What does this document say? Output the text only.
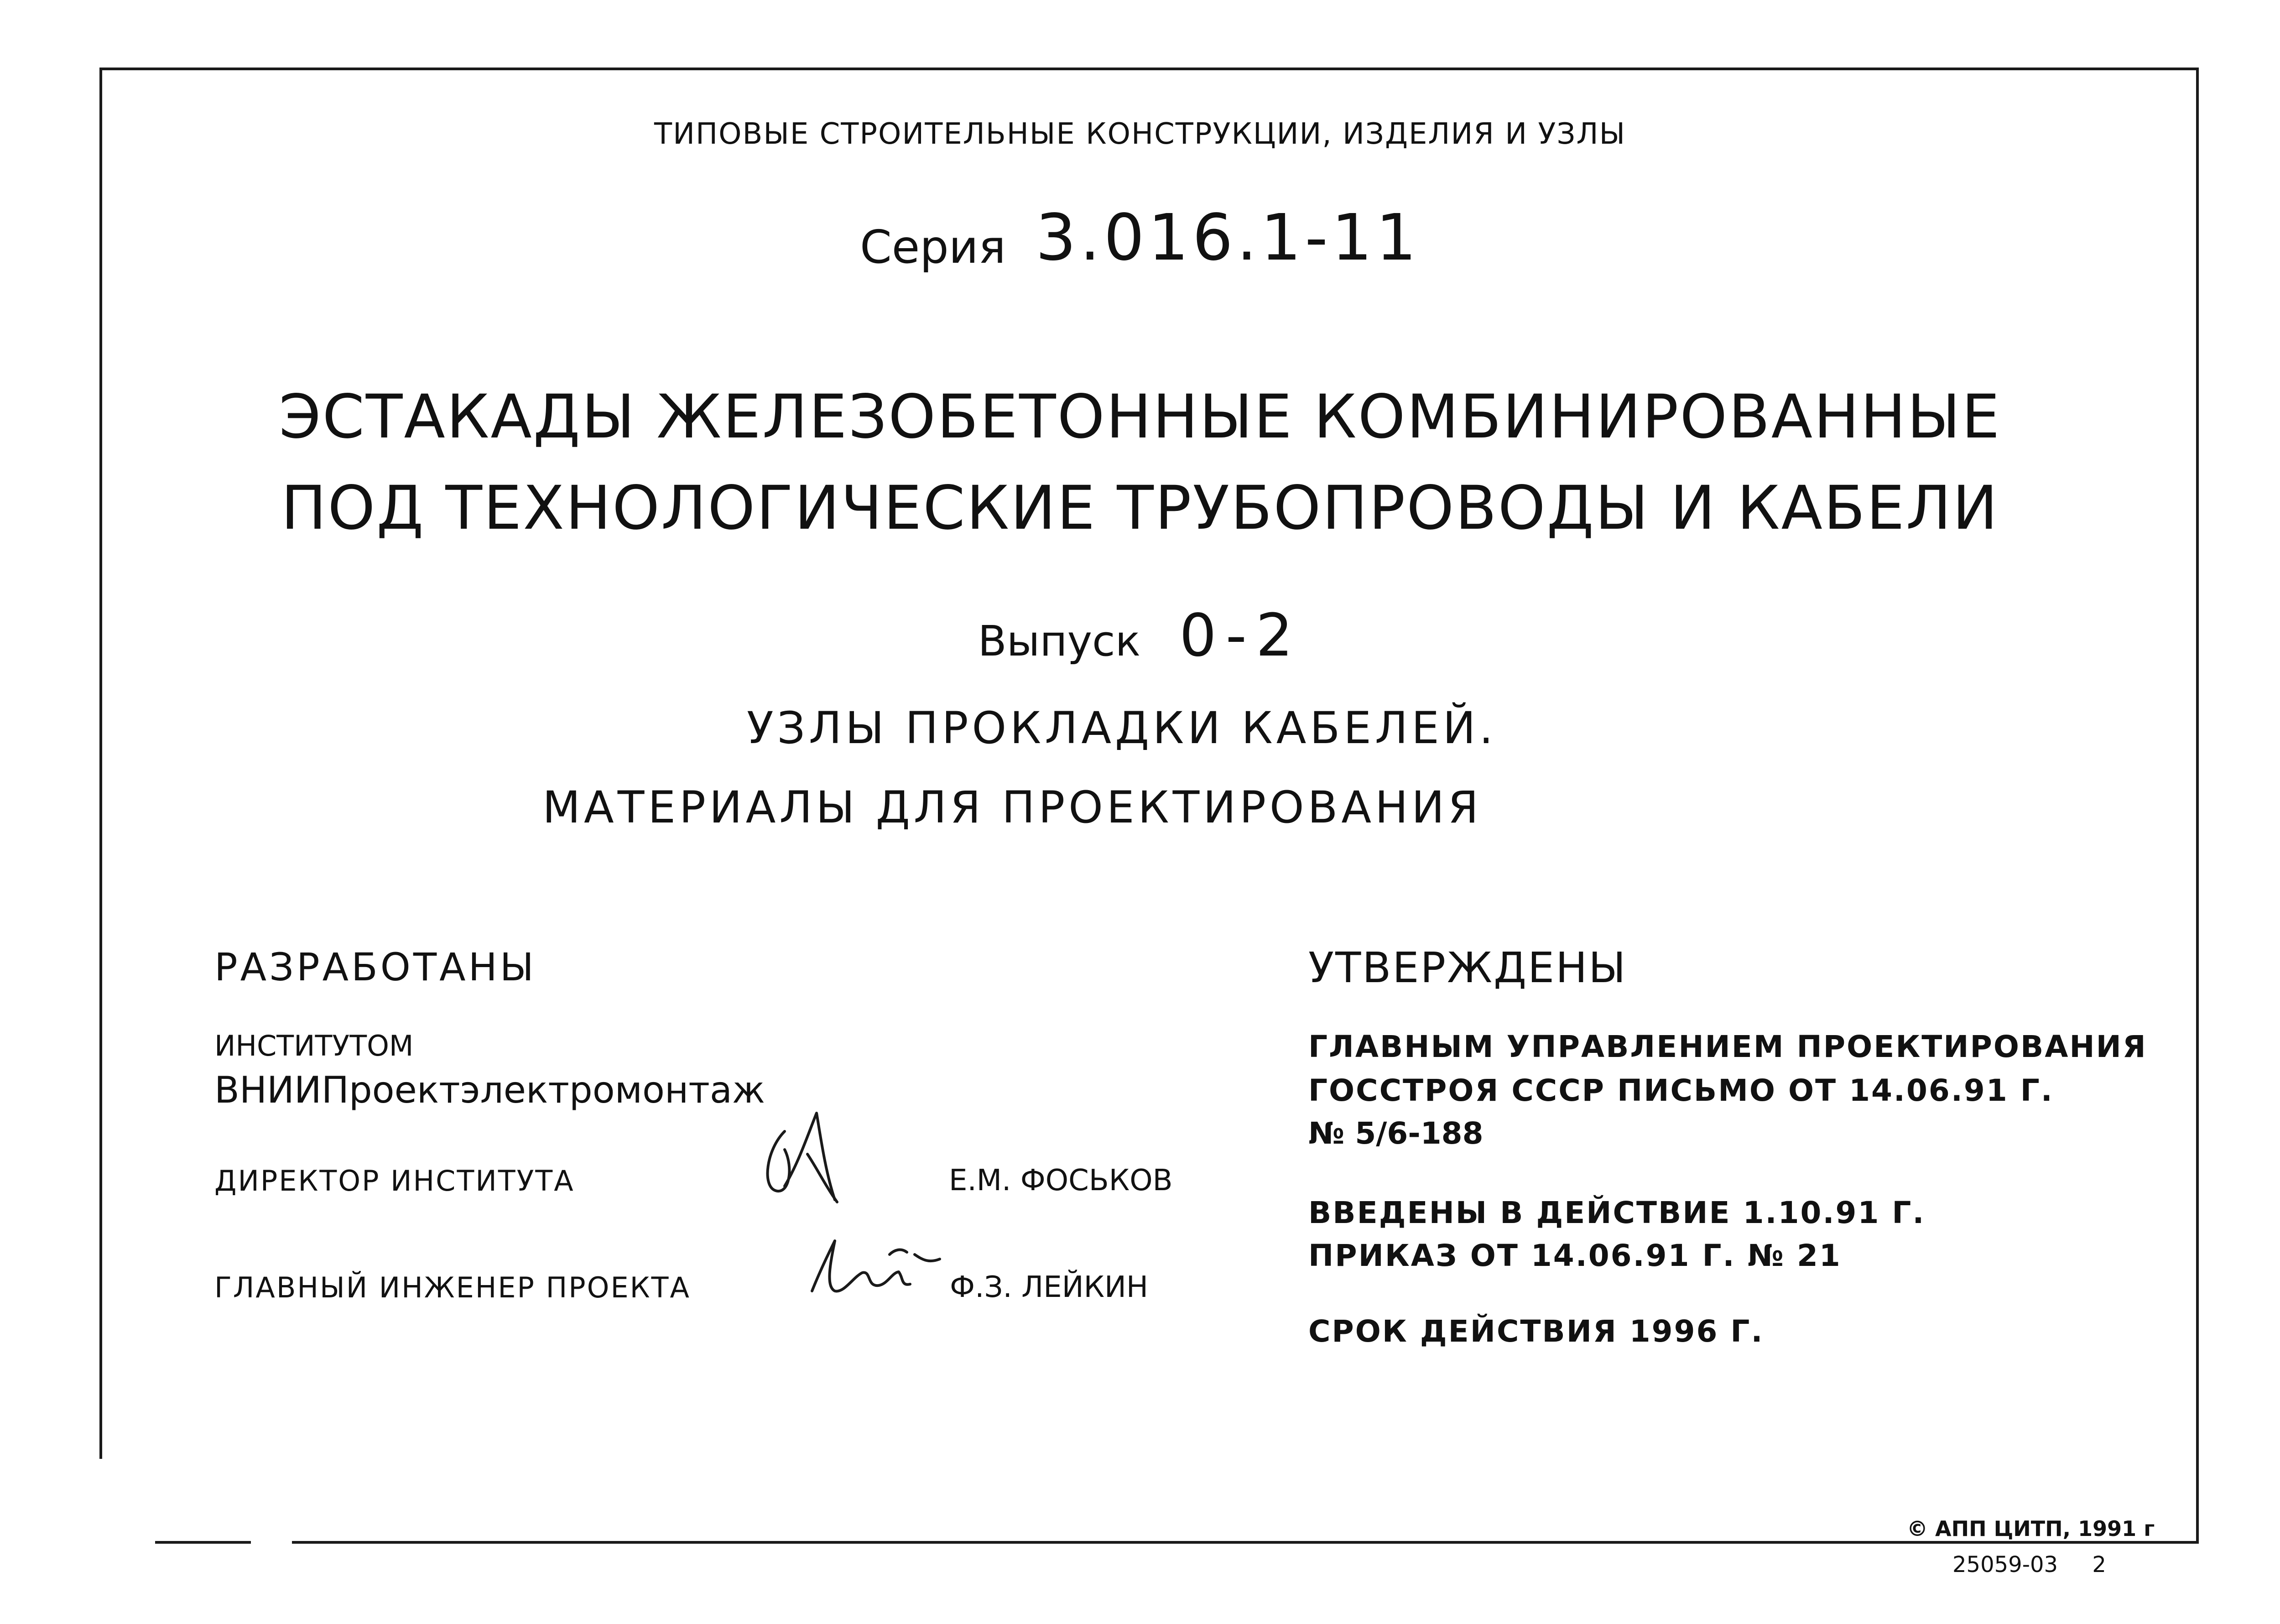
ТИПОВЫЕ СТРОИТЕЛЬНЫЕ КОНСТРУКЦИИ, ИЗДЕЛИЯ И УЗЛЫ
Серия 3.016.1-11
ЭСТАКАДЫ ЖЕЛЕЗОБЕТОННЫЕ КОМБИНИРОВАННЫЕ
ПОД ТЕХНОЛОГИЧЕСКИЕ ТРУБОПРОВОДЫ И КАБЕЛИ
Выпуск 0-2
УЗЛЫ ПРОКЛАДКИ КАБЕЛЕЙ.
МАТЕРИАЛЫ ДЛЯ ПРОЕКТИРОВАНИЯ
РАЗРАБОТАНЫ
ИНСТИТУТОМ
ВНИИПроектэлектромонтаж
ДИРЕКТОР ИНСТИТУТА	Е.М. ФОСЬКОВ
ГЛАВНЫЙ ИНЖЕНЕР ПРОЕКТА	Ф.З. ЛЕЙКИН
УТВЕРЖДЕНЫ
ГЛАВНЫМ УПРАВЛЕНИЕМ ПРОЕКТИРОВАНИЯ
ГОССТРОЯ СССР ПИСЬМО ОТ 14.06.91 Г.
№ 5/6-188
ВВЕДЕНЫ В ДЕЙСТВИЕ 1.10.91 Г.
ПРИКАЗ ОТ 14.06.91 Г. № 21
СРОК ДЕЙСТВИЯ 1996 Г.
© АПП ЦИТП, 1991 г
25059-03 2
